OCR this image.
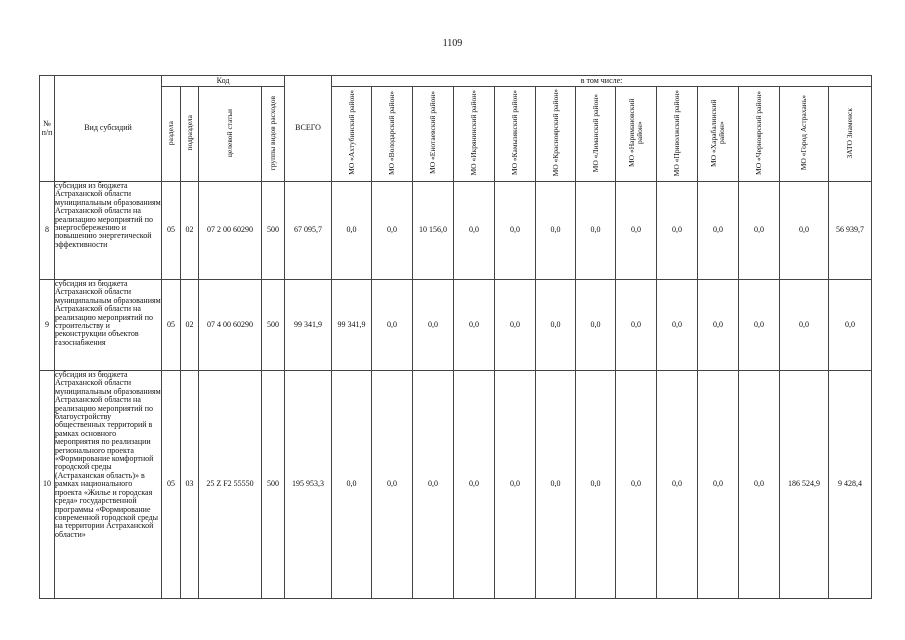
1109
№ п/п	Вид субсидий	Код				ВСЕГО	в том числе:												
		раздела	подраздела	целевой статьи	группы видов расходов		МО «Ахтубинский район»	МО «Володарский район»	МО «Енотаевский район»	МО «Икрянинский район»	МО «Камызякский район»	МО «Красноярский район»	МО «Лиманский район»	МО «Наримановский район»	МО «Приволжский район»	МО «Харабалинский район»	МО «Черноярский район»	МО «Город Астрахань»	ЗАТО Знаменск
8	субсидия из бюджета Астраханской области муниципальным образованиям Астраханской области на реализацию мероприятий по энергосбережению и повышению энергетической эффективности	05	02	07 2 00 60290	500	67 095,7	0,0	0,0	10 156,0	0,0	0,0	0,0	0,0	0,0	0,0	0,0	0,0	0,0	56 939,7
9	субсидия из бюджета Астраханской области муниципальным образованиям Астраханской области на реализацию мероприятий по строительству и реконструкции объектов газоснабжения	05	02	07 4 00 60290	500	99 341,9	99 341,9	0,0	0,0	0,0	0,0	0,0	0,0	0,0	0,0	0,0	0,0	0,0	0,0
10	субсидия из бюджета Астраханской области муниципальным образованиям Астраханской области на реализацию мероприятий по благоустройству общественных территорий в рамках основного мероприятия по реализации регионального проекта «Формирование комфортной городской среды (Астраханская область)» в рамках национального проекта «Жилье и городская среда» государственной программы «Формирование современной городской среды на территории Астраханской области»	05	03	25 Z F2 55550	500	195 953,3	0,0	0,0	0,0	0,0	0,0	0,0	0,0	0,0	0,0	0,0	0,0	186 524,9	9 428,4
